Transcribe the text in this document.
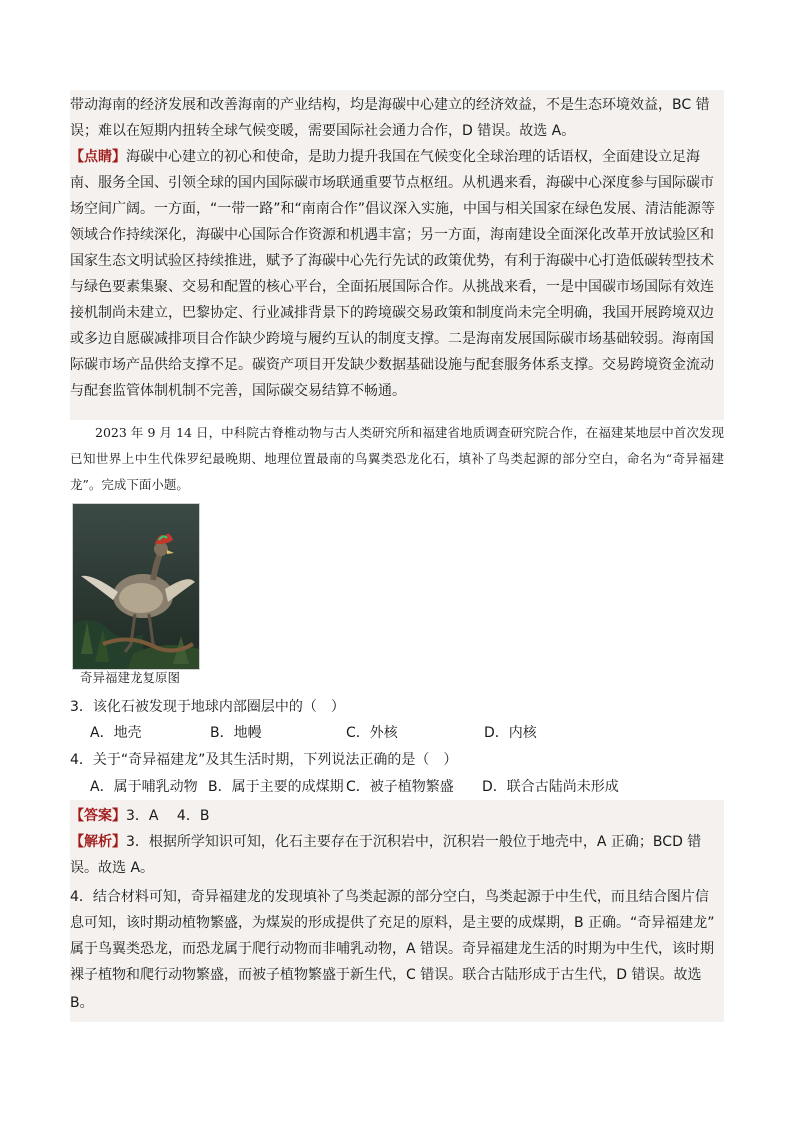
带动海南的经济发展和改善海南的产业结构，均是海碳中心建立的经济效益，不是生态环境效益，BC 错

误；难以在短期内扭转全球气候变暖，需要国际社会通力合作，D 错误。故选 A。

【点睛】海碳中心建立的初心和使命，是助力提升我国在气候变化全球治理的话语权，全面建设立足海

南、服务全国、引领全球的国内国际碳市场联通重要节点枢纽。从机遇来看，海碳中心深度参与国际碳市

场空间广阔。一方面，“一带一路”和“南南合作”倡议深入实施，中国与相关国家在绿色发展、清洁能源等

领域合作持续深化，海碳中心国际合作资源和机遇丰富；另一方面，海南建设全面深化改革开放试验区和

国家生态文明试验区持续推进，赋予了海碳中心先行先试的政策优势，有利于海碳中心打造低碳转型技术

与绿色要素集聚、交易和配置的核心平台，全面拓展国际合作。从挑战来看，一是中国碳市场国际有效连

接机制尚未建立，巴黎协定、行业减排背景下的跨境碳交易政策和制度尚未完全明确，我国开展跨境双边

或多边自愿碳减排项目合作缺少跨境与履约互认的制度支撑。二是海南发展国际碳市场基础较弱。海南国

际碳市场产品供给支撑不足。碳资产项目开发缺少数据基础设施与配套服务体系支撑。交易跨境资金流动

与配套监管体制机制不完善，国际碳交易结算不畅通。

2023 年 9 月 14 日，中科院古脊椎动物与古人类研究所和福建省地质调查研究院合作，在福建某地层中首次发现已知世界上中生代侏罗纪最晚期、地理位置最南的鸟翼类恐龙化石，填补了鸟类起源的部分空白，命名为“奇异福建龙”。完成下面小题。

奇异福建龙复原图
3．该化石被发现于地球内部圈层中的（　）
A．地壳	B．地幔	C．外核	D．内核
4．关于“奇异福建龙”及其生活时期，下列说法正确的是（　）
A．属于哺乳动物 B．属于主要的成煤期 C．被子植物繁盛 D．联合古陆尚未形成

【答案】3．A　 4．B

【解析】3．根据所学知识可知，化石主要存在于沉积岩中，沉积岩一般位于地壳中，A 正确；BCD 错

误。故选 A。

4．结合材料可知，奇异福建龙的发现填补了鸟类起源的部分空白，鸟类起源于中生代，而且结合图片信

息可知，该时期动植物繁盛，为煤炭的形成提供了充足的原料，是主要的成煤期，B 正确。“奇异福建龙”

属于鸟翼类恐龙，而恐龙属于爬行动物而非哺乳动物，A 错误。奇异福建龙生活的时期为中生代，该时期

裸子植物和爬行动物繁盛，而被子植物繁盛于新生代，C 错误。联合古陆形成于古生代，D 错误。故选

B。
